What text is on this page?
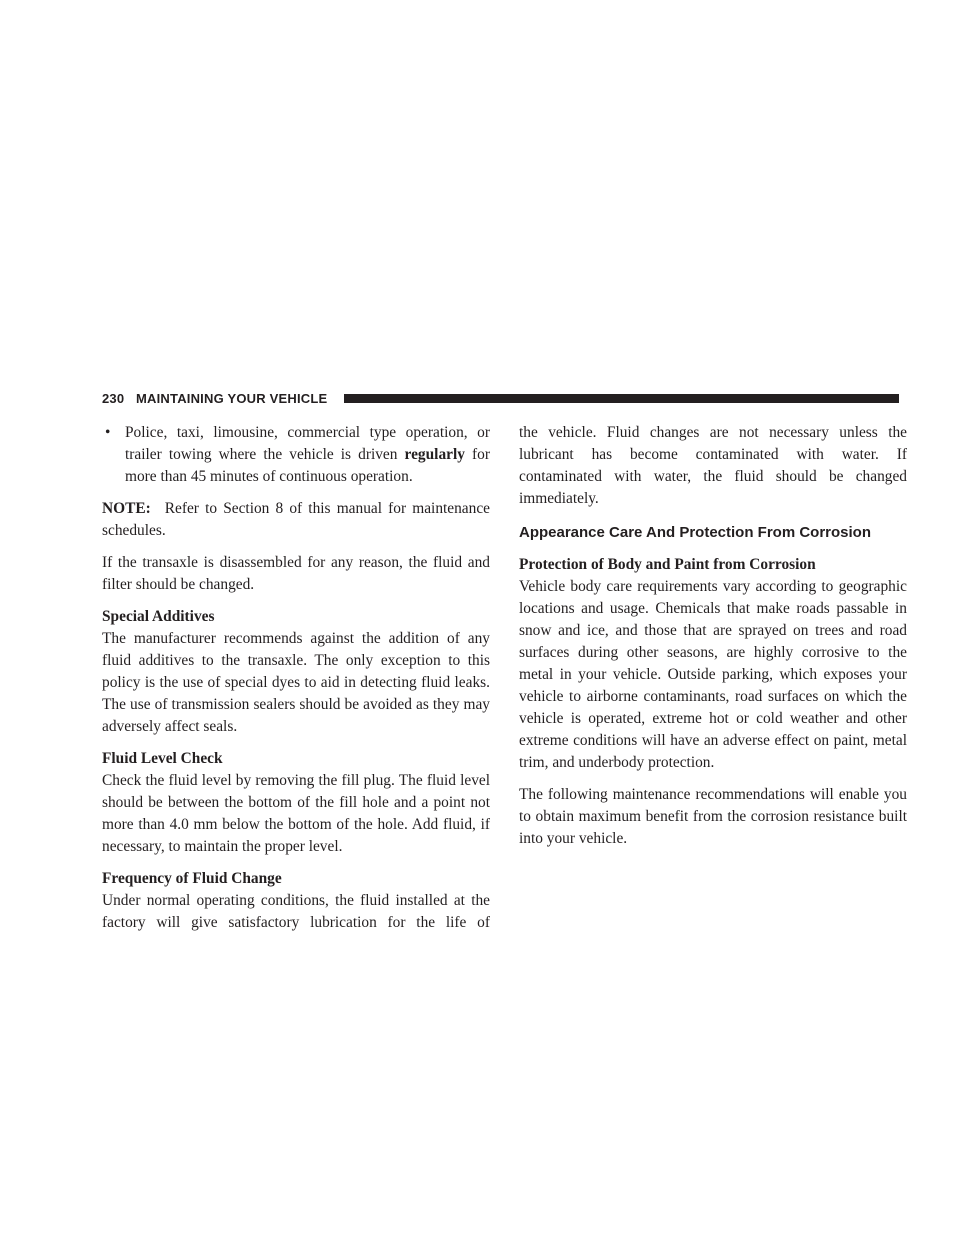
230 MAINTAINING YOUR VEHICLE
• Police, taxi, limousine, commercial type operation, or trailer towing where the vehicle is driven regularly for more than 45 minutes of continuous operation.

NOTE: Refer to Section 8 of this manual for maintenance schedules.

If the transaxle is disassembled for any reason, the fluid and filter should be changed.

Special Additives

The manufacturer recommends against the addition of any fluid additives to the transaxle. The only exception to this policy is the use of special dyes to aid in detecting fluid leaks. The use of transmission sealers should be avoided as they may adversely affect seals.

Fluid Level Check

Check the fluid level by removing the fill plug. The fluid level should be between the bottom of the fill hole and a point not more than 4.0 mm below the bottom of the hole. Add fluid, if necessary, to maintain the proper level.

Frequency of Fluid Change

Under normal operating conditions, the fluid installed at the factory will give satisfactory lubrication for the life of

the vehicle. Fluid changes are not necessary unless the lubricant has become contaminated with water. If contaminated with water, the fluid should be changed immediately.

Appearance Care And Protection From Corrosion
Protection of Body and Paint from Corrosion

Vehicle body care requirements vary according to geographic locations and usage. Chemicals that make roads passable in snow and ice, and those that are sprayed on trees and road surfaces during other seasons, are highly corrosive to the metal in your vehicle. Outside parking, which exposes your vehicle to airborne contaminants, road surfaces on which the vehicle is operated, extreme hot or cold weather and other extreme conditions will have an adverse effect on paint, metal trim, and underbody protection.

The following maintenance recommendations will enable you to obtain maximum benefit from the corrosion resistance built into your vehicle.
